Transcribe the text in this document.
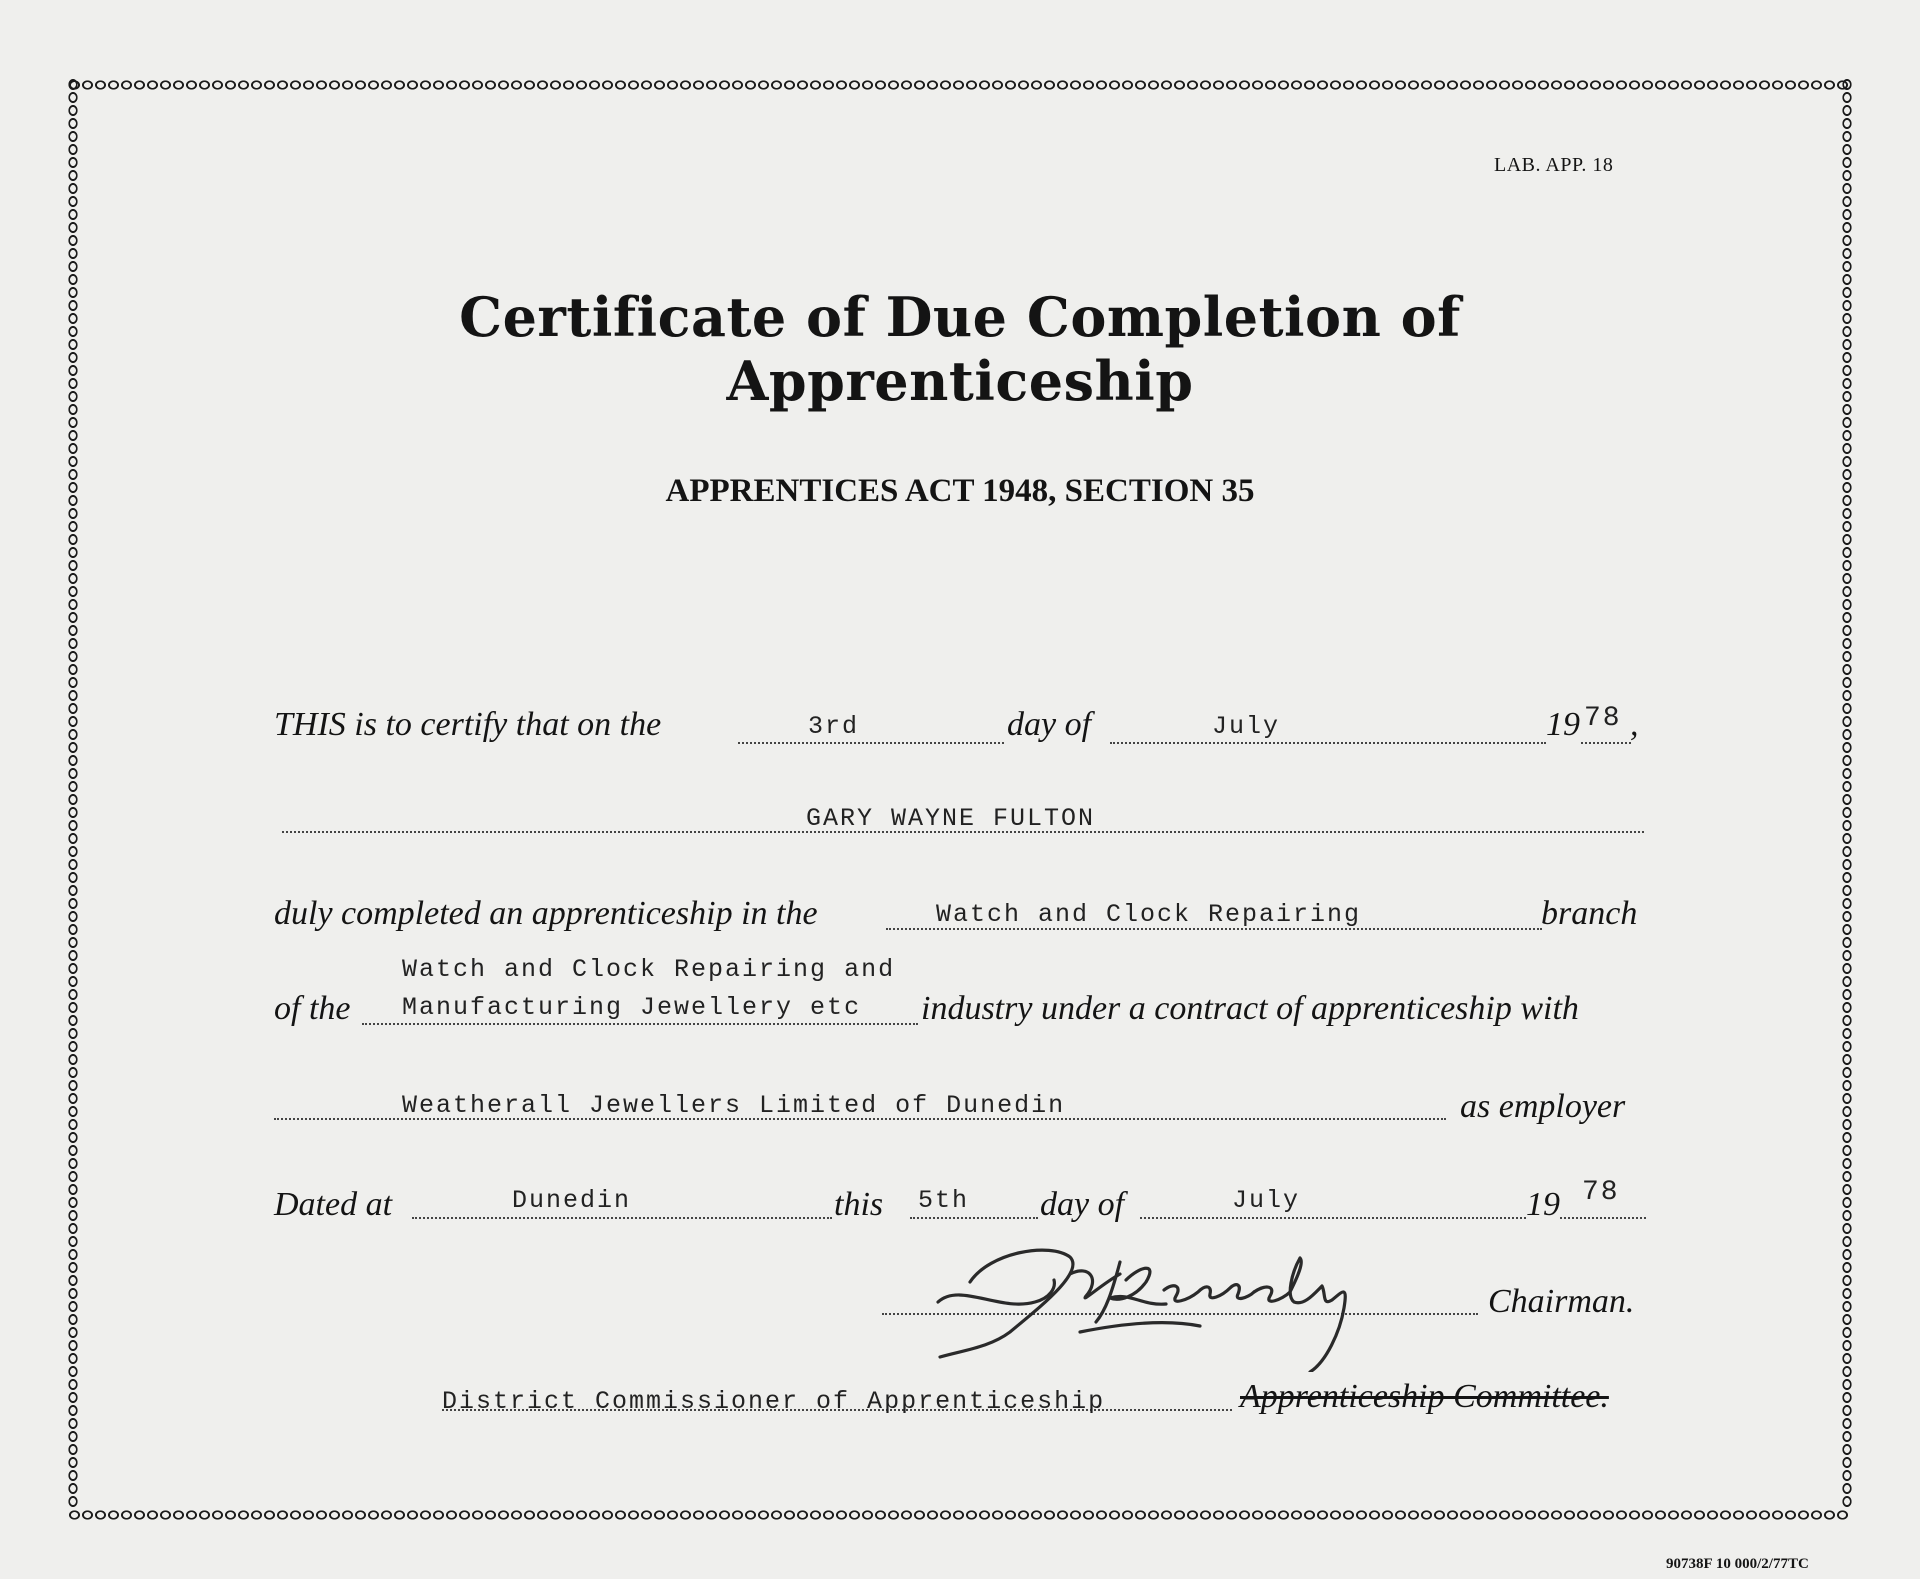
LAB. APP. 18
Certificate of Due Completion of Apprenticeship
APPRENTICES ACT 1948, SECTION 35
THIS is to certify that on the	3rd	day of	July	19 78 ,
GARY WAYNE FULTON
duly completed an apprenticeship in the	Watch and Clock Repairing	branch
Watch and Clock Repairing and
of the Manufacturing Jewellery etc industry under a contract of apprenticeship with
Weatherall Jewellers Limited of Dunedin	as employer
Dated at	Dunedin	this 5th day of	July	19 78
Chairman.
District Commissioner of Apprenticeship	Apprenticeship Committee.
90738F 10 000/2/77TC
